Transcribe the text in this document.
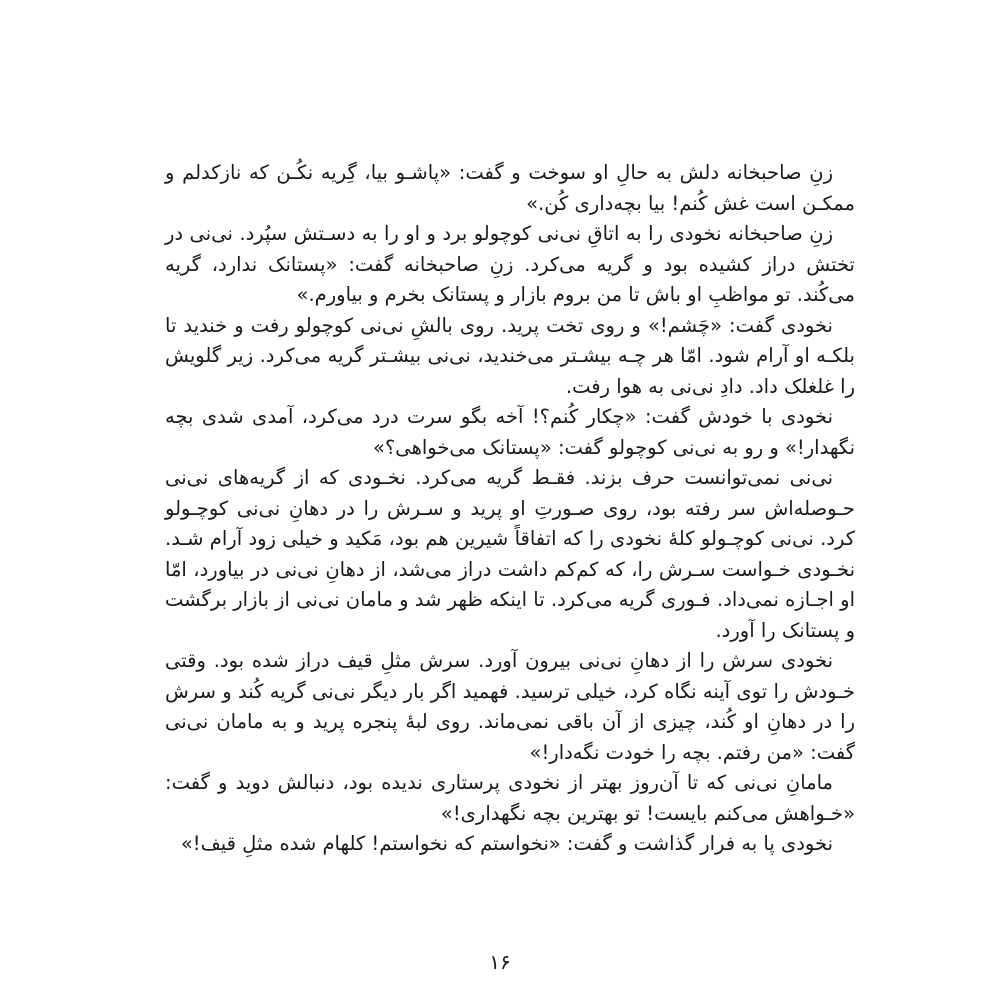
زنِ صاحبخانه دلش به حالِ او سوخت و گفت: «پاشـو بیا، گِریه نکُـن که نازکدلم و ممکـن است غش کُنم! بیا بچه‌داری کُن.»

زنِ صاحبخانه نخودی را به اتاقِ نی‌نی کوچولو برد و او را به دسـتش سپُرد. نی‌نی در تختش دراز کشیده بود و گریه می‌کرد. زنِ صاحبخانه گفت: «پستانک ندارد، گریه می‌کُند. تو مواظبِ او باش تا من بروم بازار و پستانک بخرم و بیاورم.»

نخودی گفت: «چَشم!» و روی تخت پرید. روی بالشِ نی‌نی کوچولو رفت و خندید تا بلکـه او آرام شود. امّا هر چـه بیشـتر می‌خندید، نی‌نی بیشـتر گریه می‌کرد. زیر گلویش را غلغلک داد. دادِ نی‌نی به هوا رفت.

نخودی با خودش گفت: «چکار کُنم؟! آخه بگو سرت درد می‌کرد، آمدی شدی بچه نگهدار!» و رو به نی‌نی کوچولو گفت: «پستانک می‌خواهی؟»

نی‌نی نمی‌توانست حرف بزند. فقـط گریه می‌کرد. نخـودی که از گریه‌های نی‌نی حـوصله‌اش سر رفته بود، روی صـورتِ او پرید و سـرش را در دهانِ نی‌نی کوچـولو کرد. نی‌نی کوچـولو کلهٔ نخودی را که اتفاقاً شیرین هم بود، مَکید و خیلی زود آرام شـد. نخـودی خـواست سـرش را، که کم‌کم داشت دراز می‌شد، از دهانِ نی‌نی در بیاورد، امّا او اجـازه نمی‌داد. فـوری گریه می‌کرد. تا اینکه ظهر شد و مامان نی‌نی از بازار برگشت و پستانک را آورد.

نخودی سرش را از دهانِ نی‌نی بیرون آورد. سرش مثلِ قیف دراز شده بود. وقتی خـودش را توی آینه نگاه کرد، خیلی ترسید. فهمید اگر بار دیگر نی‌نی گریه کُند و سرش را در دهانِ او کُند، چیزی از آن باقی نمی‌ماند. روی لبهٔ پنجره پرید و به مامان نی‌نی گفت: «من رفتم. بچه را خودت نگه‌دار!»

مامانِ نی‌نی که تا آن‌روز بهتر از نخودی پرستاری ندیده بود، دنبالش دوید و گفت: «خـواهش می‌کنم بایست! تو بهترین بچه نگهداری!»

نخودی پا به فرار گذاشت و گفت: «نخواستم که نخواستم! کلهام شده مثلِ قیف!»

۱۶
